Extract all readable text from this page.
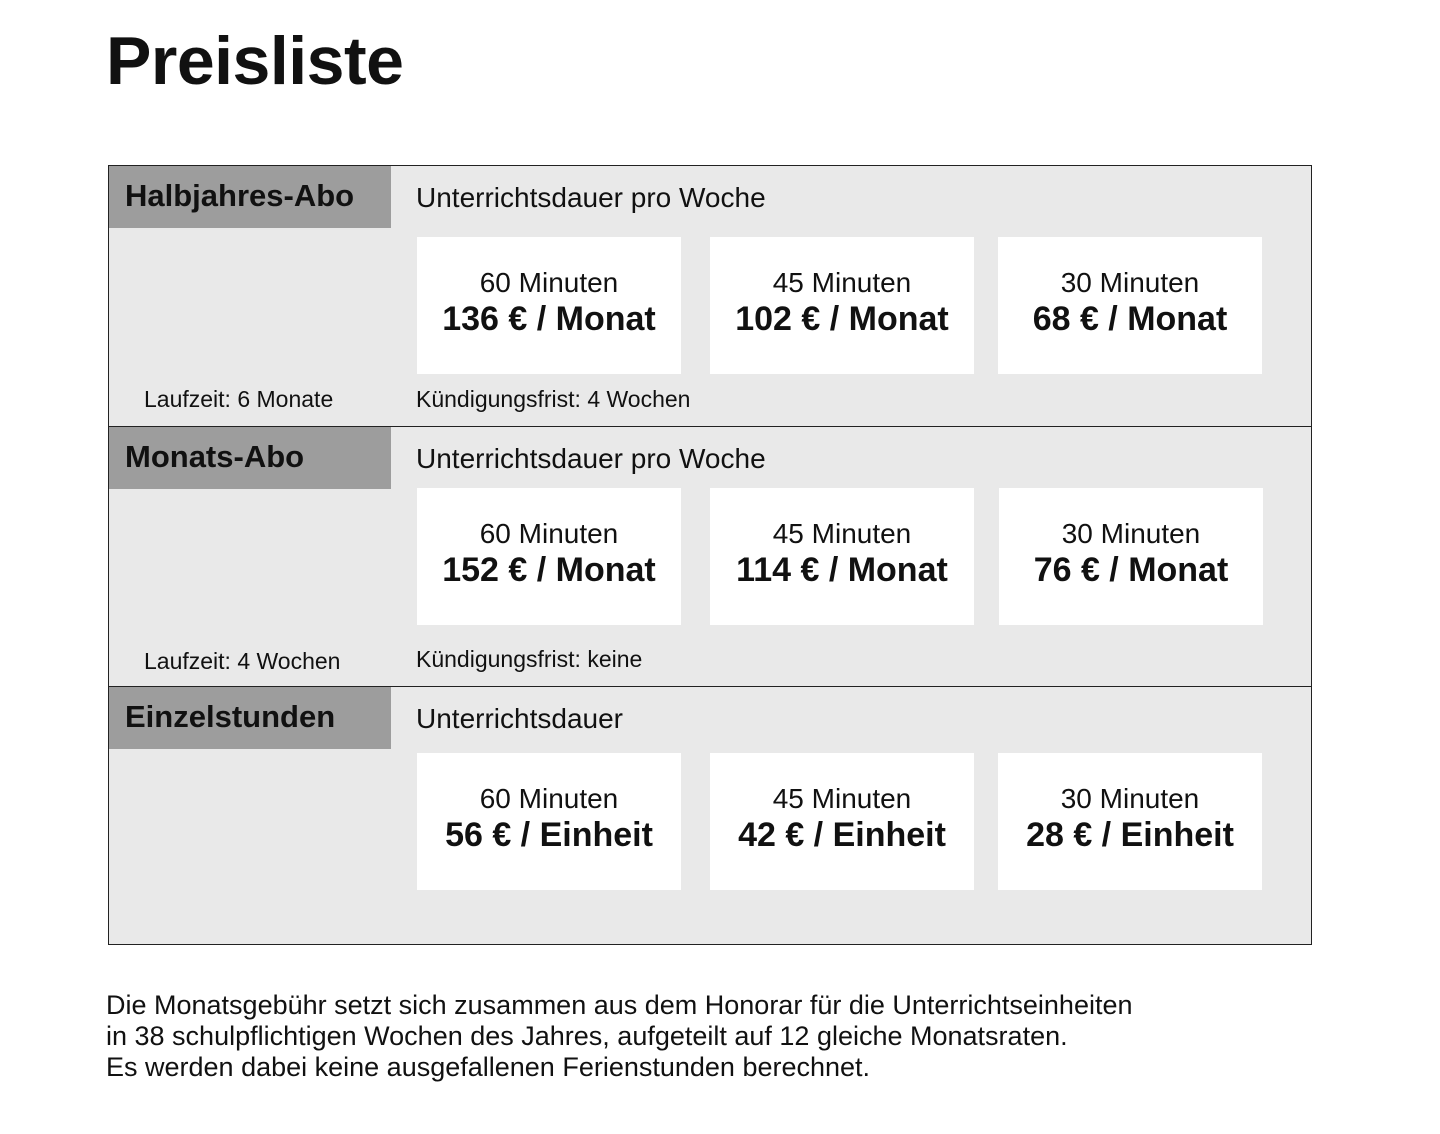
Preisliste
Halbjahres-Abo	Unterrichtsdauer pro Woche
60 Minuten
136 € / Monat
45 Minuten
102 € / Monat
30 Minuten
68 € / Monat
Laufzeit: 6 Monate	Kündigungsfrist: 4 Wochen
Monats-Abo	Unterrichtsdauer pro Woche
60 Minuten
152 € / Monat
45 Minuten
114 € / Monat
30 Minuten
76 € / Monat
Laufzeit: 4 Wochen	Kündigungsfrist: keine
Einzelstunden	Unterrichtsdauer
60 Minuten
56 € / Einheit
45 Minuten
42 € / Einheit
30 Minuten
28 € / Einheit

Die Monatsgebühr setzt sich zusammen aus dem Honorar für die Unterrichtseinheiten
in 38 schulpflichtigen Wochen des Jahres, aufgeteilt auf 12 gleiche Monatsraten.
Es werden dabei keine ausgefallenen Ferienstunden berechnet.
